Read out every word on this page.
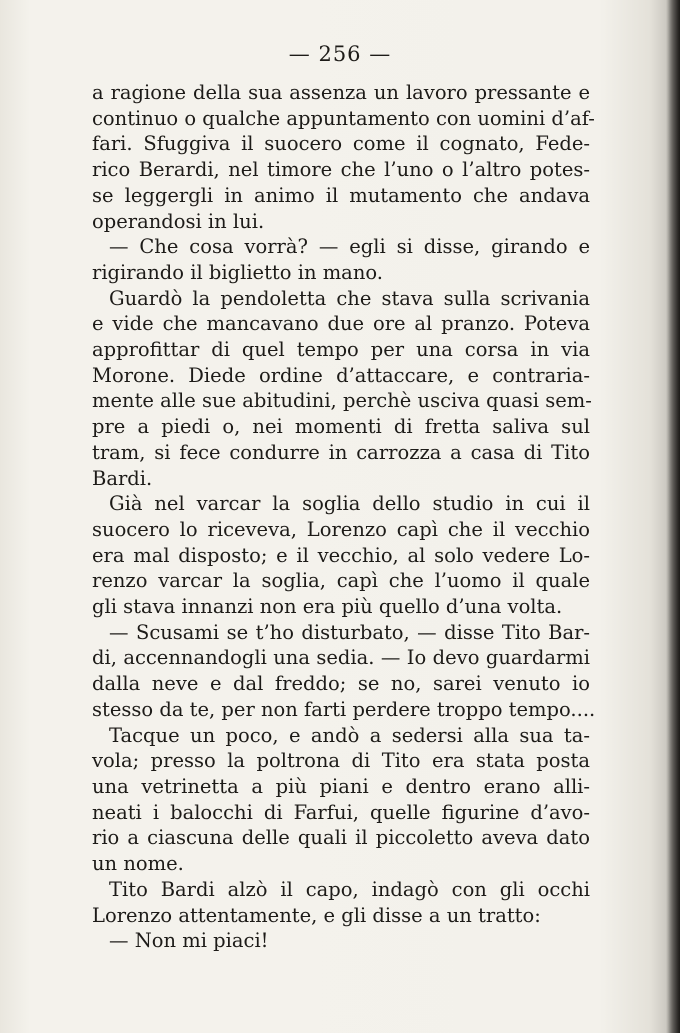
— 256 —

a ragione della sua assenza un lavoro pressante e

continuo o qualche appuntamento con uomini d’af-

fari. Sfuggiva il suocero come il cognato, Fede-

rico Berardi, nel timore che l’uno o l’altro potes-

se leggergli in animo il mutamento che andava

operandosi in lui.

— Che cosa vorrà? — egli si disse, girando e

rigirando il biglietto in mano.

Guardò la pendoletta che stava sulla scrivania

e vide che mancavano due ore al pranzo. Poteva

approfittar di quel tempo per una corsa in via

Morone. Diede ordine d’attaccare, e contraria-

mente alle sue abitudini, perchè usciva quasi sem-

pre a piedi o, nei momenti di fretta saliva sul

tram, si fece condurre in carrozza a casa di Tito

Bardi.

Già nel varcar la soglia dello studio in cui il

suocero lo riceveva, Lorenzo capì che il vecchio

era mal disposto; e il vecchio, al solo vedere Lo-

renzo varcar la soglia, capì che l’uomo il quale

gli stava innanzi non era più quello d’una volta.

— Scusami se t’ho disturbato, — disse Tito Bar-

di, accennandogli una sedia. — Io devo guardarmi

dalla neve e dal freddo; se no, sarei venuto io

stesso da te, per non farti perdere troppo tempo....

Tacque un poco, e andò a sedersi alla sua ta-

vola; presso la poltrona di Tito era stata posta

una vetrinetta a più piani e dentro erano alli-

neati i balocchi di Farfui, quelle figurine d’avo-

rio a ciascuna delle quali il piccoletto aveva dato

un nome.

Tito Bardi alzò il capo, indagò con gli occhi

Lorenzo attentamente, e gli disse a un tratto:

— Non mi piaci!
